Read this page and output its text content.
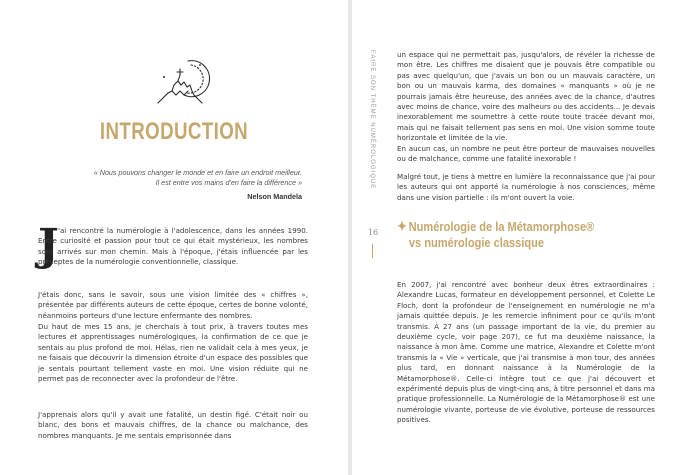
INTRODUCTION
« Nous pouvons changer le monde et en faire un endroit meilleur.
Il est entre vos mains d'en faire la différence »
Nelson Mandela
J 'ai rencontré la numérologie à l'adolescence, dans les années 1990. Entre curiosité et passion pour tout ce qui était mystérieux, les nombres sont arrivés sur mon chemin. Mais à l'époque, j'étais influencée par les préceptes de la numérologie conventionnelle, classique.

J'étais donc, sans le savoir, sous une vision limitée des « chiffres », présentée par différents auteurs de cette époque, certes de bonne volonté, néanmoins porteurs d'une lecture enfermante des nombres.

Du haut de mes 15 ans, je cherchais à tout prix, à travers toutes mes lectures et apprentissages numérologiques, la confirmation de ce que je sentais au plus profond de moi. Hélas, rien ne validait cela à mes yeux, je ne faisais que découvrir la dimension étroite d'un espace des possibles que je sentais pourtant tellement vaste en moi. Une vision réduite qui ne permet pas de reconnecter avec la profondeur de l'être.

J'apprenais alors qu'il y avait une fatalité, un destin figé. C'était noir ou blanc, des bons et mauvais chiffres, de la chance ou malchance, des nombres manquants. Je me sentais emprisonnée dans

FAIRE SON THÈME NUMÉROLOGIQUE
16

un espace qui ne permettait pas, jusqu'alors, de révéler la richesse de mon être. Les chiffres me disaient que je pouvais être compatible ou pas avec quelqu'un, que j'avais un bon ou un mauvais caractère, un bon ou un mauvais karma, des domaines « manquants » où je ne pourrais jamais être heureuse, des années avec de la chance, d'autres avec moins de chance, voire des malheurs ou des accidents... Je devais inexorablement me soumettre à cette route toute tracée devant moi, mais qui ne faisait tellement pas sens en moi. Une vision somme toute horizontale et limitée de la vie.

En aucun cas, un nombre ne peut être porteur de mauvaises nouvelles ou de malchance, comme une fatalité inexorable !

Malgré tout, je tiens à mettre en lumière la reconnaissance que j'ai pour les auteurs qui ont apporté la numérologie à nos consciences, même dans une vision partielle : ils m'ont ouvert la voie.

✦ Numérologie de la Métamorphose®
vs numérologie classique

En 2007, j'ai rencontré avec bonheur deux êtres extraordinaires : Alexandre Lucas, formateur en développement personnel, et Colette Le Floch, dont la profondeur de l'enseignement en numérologie ne m'a jamais quittée depuis. Je les remercie infiniment pour ce qu'ils m'ont transmis. À 27 ans (un passage important de la vie, du premier au deuxième cycle, voir page 207), ce fut ma deuxième naissance, la naissance à mon âme. Comme une matrice, Alexandre et Colette m'ont transmis la « Vie » verticale, que j'ai transmise à mon tour, des années plus tard, en donnant naissance à la Numérologie de la Métamorphose®. Celle-ci intègre tout ce que j'ai découvert et expérimenté depuis plus de vingt-cinq ans, à titre personnel et dans ma pratique professionnelle. La Numérologie de la Métamorphose® est une numérologie vivante, porteuse de vie évolutive, porteuse de ressources positives.
